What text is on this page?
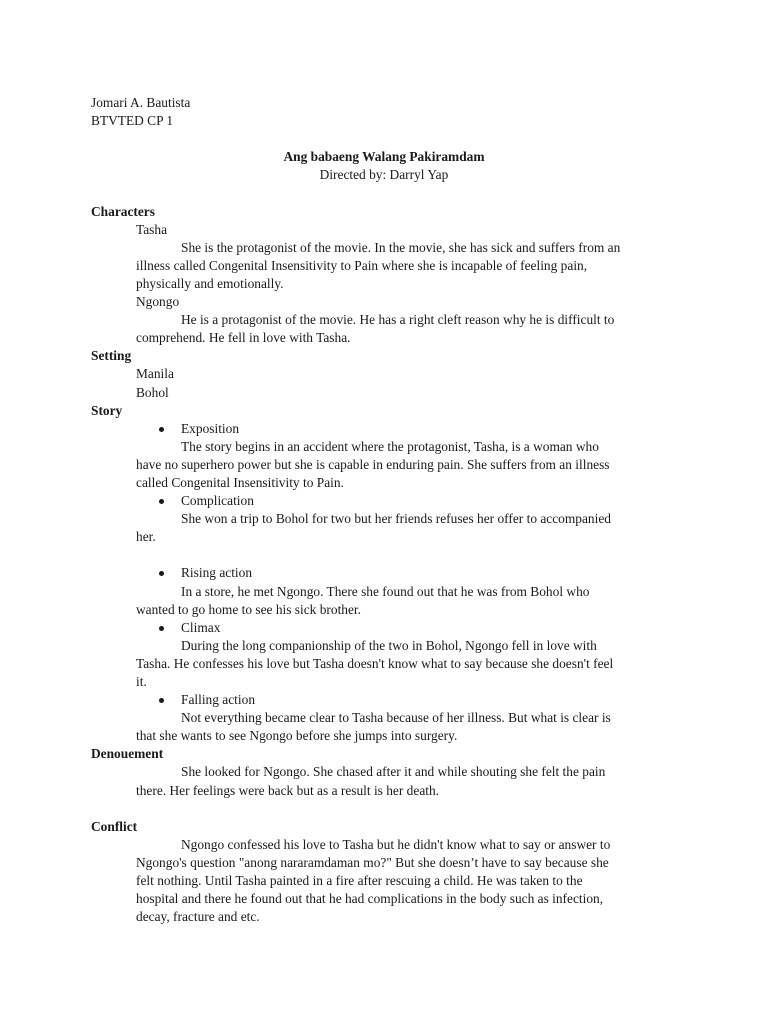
Jomari A. Bautista
BTVTED CP 1
Ang babaeng Walang Pakiramdam
Directed by: Darryl Yap
Characters
Tasha
She is the protagonist of the movie. In the movie, she has sick and suffers from an
illness called Congenital Insensitivity to Pain where she is incapable of feeling pain,
physically and emotionally.
Ngongo
He is a protagonist of the movie. He has a right cleft reason why he is difficult to
comprehend. He fell in love with Tasha.
Setting
Manila
Bohol
Story
Exposition
The story begins in an accident where the protagonist, Tasha, is a woman who
have no superhero power but she is capable in enduring pain. She suffers from an illness
called Congenital Insensitivity to Pain.
Complication
She won a trip to Bohol for two but her friends refuses her offer to accompanied
her.
Rising action
In a store, he met Ngongo. There she found out that he was from Bohol who
wanted to go home to see his sick brother.
Climax
During the long companionship of the two in Bohol, Ngongo fell in love with
Tasha. He confesses his love but Tasha doesn't know what to say because she doesn't feel
it.
Falling action
Not everything became clear to Tasha because of her illness. But what is clear is
that she wants to see Ngongo before she jumps into surgery.
Denouement
She looked for Ngongo. She chased after it and while shouting she felt the pain
there. Her feelings were back but as a result is her death.
Conflict
Ngongo confessed his love to Tasha but he didn't know what to say or answer to
Ngongo's question "anong nararamdaman mo?" But she doesn’t have to say because she
felt nothing. Until Tasha painted in a fire after rescuing a child. He was taken to the
hospital and there he found out that he had complications in the body such as infection,
decay, fracture and etc.
